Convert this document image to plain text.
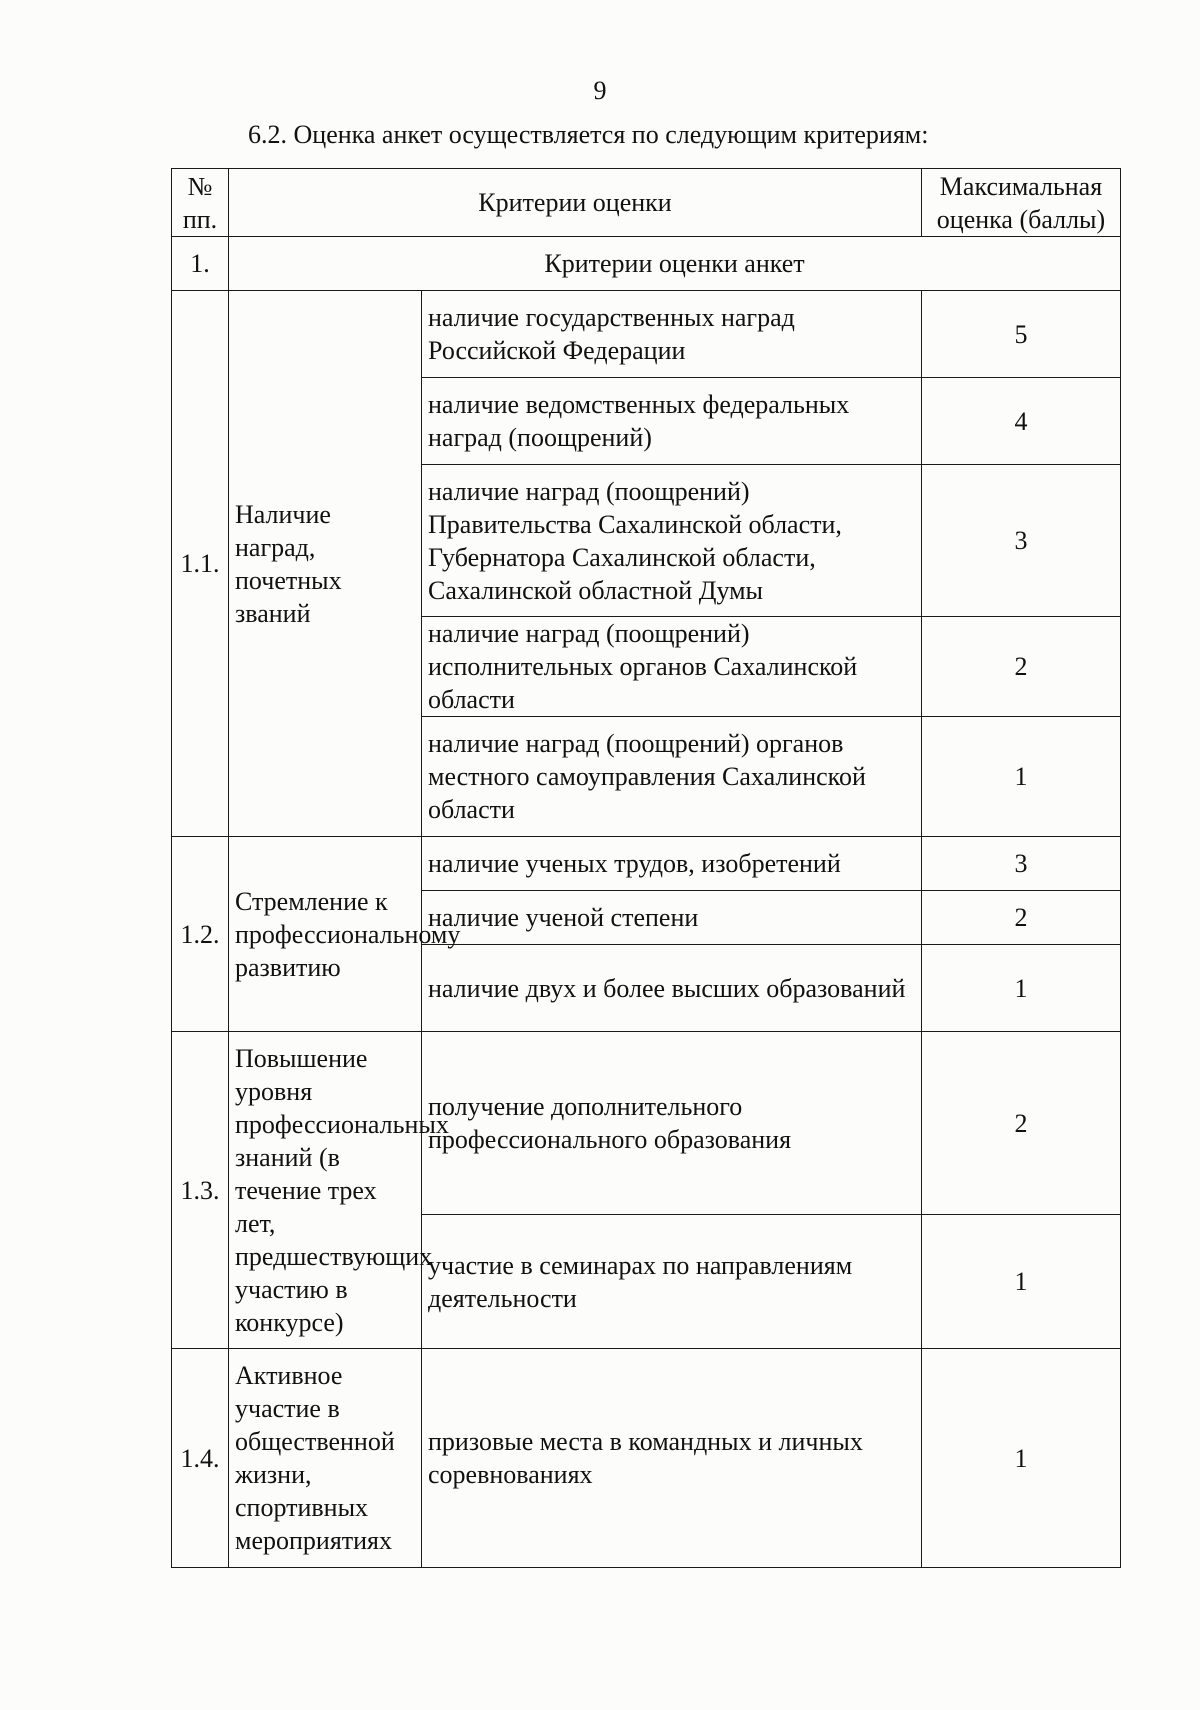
9
6.2. Оценка анкет осуществляется по следующим критериям:
№ пп.	Критерии оценки		Максимальная оценка (баллы)
1.	Критерии оценки анкет		
1.1.	Наличие наград, почетных званий	наличие государственных наград Российской Федерации	5
		наличие ведомственных федеральных наград (поощрений)	4
		наличие наград (поощрений) Правительства Сахалинской области, Губернатора Сахалинской области, Сахалинской областной Думы	3
		наличие наград (поощрений) исполнительных органов Сахалинской области	2
		наличие наград (поощрений) органов местного самоуправления Сахалинской области	1
1.2.	Стремление к профессиональному развитию	наличие ученых трудов, изобретений	3
		наличие ученой степени	2
		наличие двух и более высших образований	1
1.3.	Повышение уровня профессиональных знаний (в течение трех лет, предшествующих участию в конкурсе)	получение дополнительного профессионального образования	2
		участие в семинарах по направлениям деятельности	1
1.4.	Активное участие в общественной жизни, спортивных мероприятиях	призовые места в командных и личных соревнованиях	1
